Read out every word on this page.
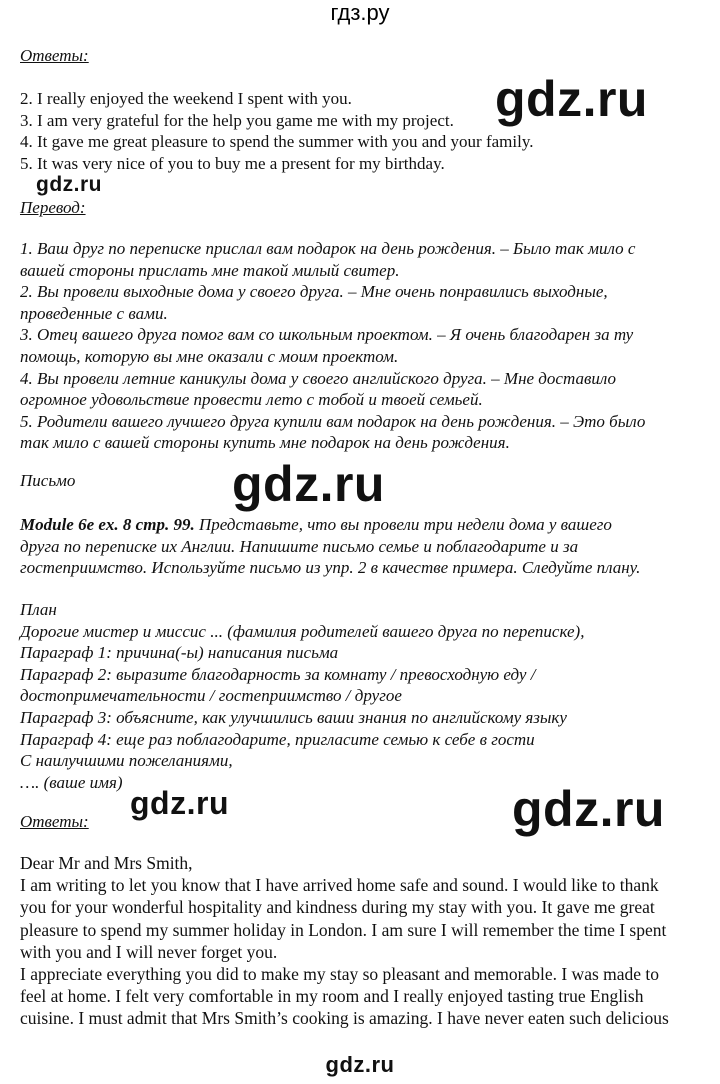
гдз.ру
Ответы:
2. I really enjoyed the weekend I spent with you.
3. I am very grateful for the help you game me with my project.
4. It gave me great pleasure to spend the summer with you and your family.
5. It was very nice of you to buy me a present for my birthday.
gdz.ru
gdz.ru
gdz.ru
gdz.ru	gdz.ru
Перевод:
1. Ваш друг по переписке прислал вам подарок на день рождения. – Было так мило с
вашей стороны прислать мне такой милый свитер.
2. Вы провели выходные дома у своего друга. – Мне очень понравились выходные,
проведенные с вами.
3. Отец вашего друга помог вам со школьным проектом. – Я очень благодарен за ту
помощь, которую вы мне оказали с моим проектом.
4. Вы провели летние каникулы дома у своего английского друга. – Мне доставило
огромное удовольствие провести лето с тобой и твоей семьей.
5. Родители вашего лучшего друга купили вам подарок на день рождения. – Это было
так мило с вашей стороны купить мне подарок на день рождения.
Письмо
Module 6e ex. 8 стр. 99. Представьте, что вы провели три недели дома у вашего
друга по переписке их Англии. Напишите письмо семье и поблагодарите и за
гостеприимство. Используйте письмо из упр. 2 в качестве примера. Следуйте плану.
План
Дорогие мистер и миссис ... (фамилия родителей вашего друга по переписке),
Параграф 1: причина(-ы) написания письма
Параграф 2: выразите благодарность за комнату / превосходную еду /
достопримечательности / гостеприимство / другое
Параграф 3: объясните, как улучшились ваши знания по английскому языку
Параграф 4: еще раз поблагодарите, пригласите семью к себе в гости
С наилучшими пожеланиями,
…. (ваше имя)
Ответы:
Dear Mr and Mrs Smith,
I am writing to let you know that I have arrived home safe and sound. I would like to thank
you for your wonderful hospitality and kindness during my stay with you. It gave me great
pleasure to spend my summer holiday in London. I am sure I will remember the time I spent
with you and I will never forget you.
I appreciate everything you did to make my stay so pleasant and memorable. I was made to
feel at home. I felt very comfortable in my room and I really enjoyed tasting true English
cuisine. I must admit that Mrs Smith’s cooking is amazing. I have never eaten such delicious
gdz.ru
